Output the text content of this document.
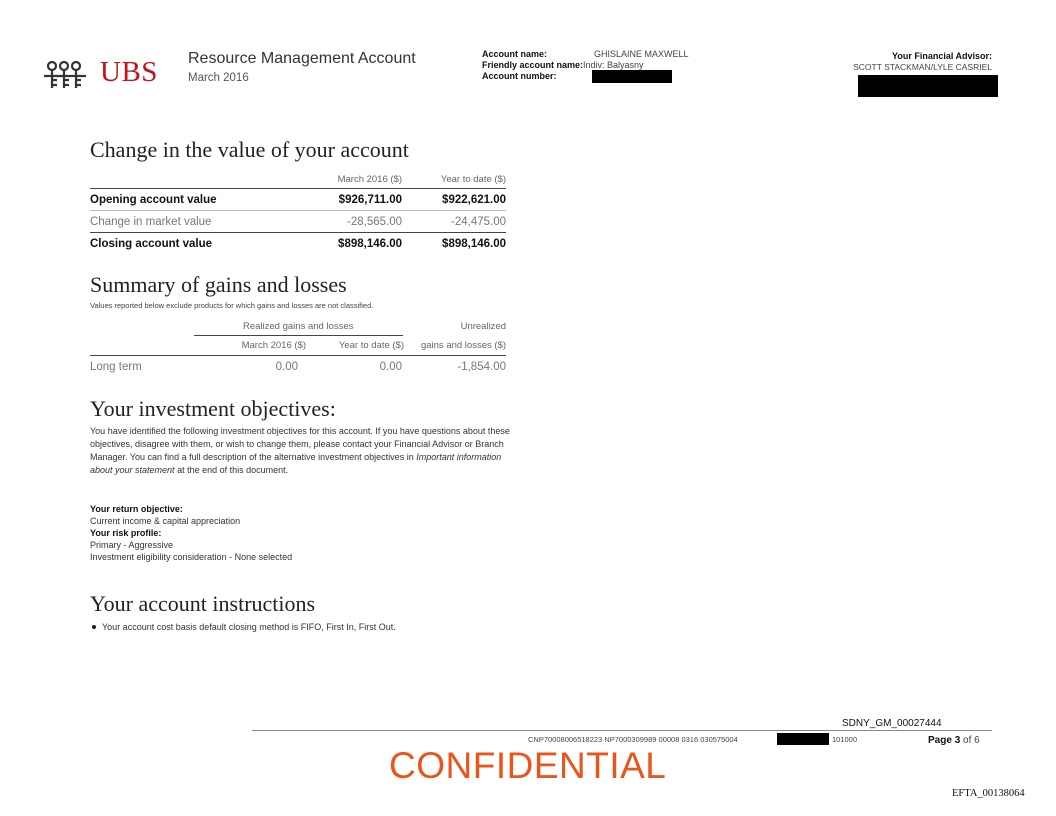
UBS Resource Management Account
March 2016
Account name:	GHISLAINE MAXWELL
Friendly account name:Indiv: Balyasny
Account number:
Your Financial Advisor:
SCOTT STACKMAN/LYLE CASRIEL
Change in the value of your account
	March 2016 ($)	Year to date ($)
Opening account value	$926,711.00	$922,621.00
Change in market value	-28,565.00	-24,475.00
Closing account value	$898,146.00	$898,146.00
Summary of gains and losses
Values reported below exclude products for which gains and losses are not classified.
Realized gains and losses	Unrealized
March 2016 ($)	Year to date ($)	gains and losses ($)
Long term	0.00	0.00	-1,854.00
Your investment objectives:
You have identified the following investment objectives for this account. If you have questions about these objectives, disagree with them, or wish to change them, please contact your Financial Advisor or Branch Manager. You can find a full description of the alternative investment objectives in Important information about your statement at the end of this document.
Your return objective:
Current income & capital appreciation
Your risk profile:
Primary - Aggressive
Investment eligibility consideration - None selected
Your account instructions
Your account cost basis default closing method is FIFO, First In, First Out.
SDNY_GM_00027444
CNP70008006518223 NP7000309989 00008 0316 030575004	101000	Page 3 of 6
CONFIDENTIAL
EFTA_00138064
